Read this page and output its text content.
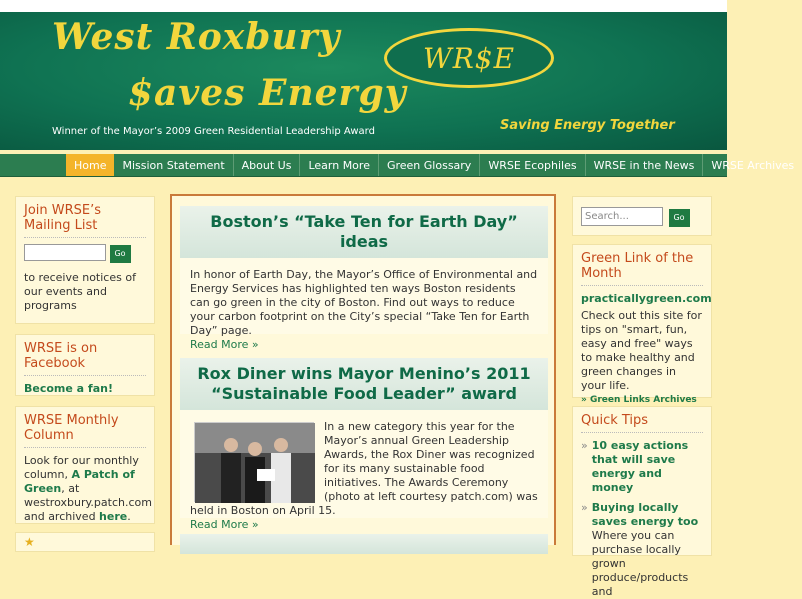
West Roxbury
$aves Energy
WR$E
Winner of the Mayor’s 2009 Green Residential Leadership Award	Saving Energy Together
Home	Mission Statement	About Us	Learn More	Green Glossary	WRSE Ecophiles	WRSE in the News	WRSE Archives
Join WRSE’s Mailing List
Go

to receive notices of our events and programs

WRSE is on Facebook
Become a fan!
WRSE Monthly Column

Look for our monthly column, A Patch of Green, at westroxbury.patch.com and archived here.

★
Boston’s “Take Ten for Earth Day” ideas

In honor of Earth Day, the Mayor’s Office of Environmental and Energy Services has highlighted ten ways Boston residents can go green in the city of Boston. Find out ways to reduce your carbon footprint on the City’s special “Take Ten for Earth Day” page.

Read More »
Rox Diner wins Mayor Menino’s 2011 “Sustainable Food Leader” award

In a new category this year for the Mayor’s annual Green Leadership Awards, the Rox Diner was recognized for its many sustainable food initiatives. The Awards Ceremony (photo at left courtesy patch.com) was held in Boston on April 15.

Read More »
Search...	Go
Green Link of the Month
practicallygreen.com

Check out this site for tips on "smart, fun, easy and free" ways to make healthy and green changes in your life.

» Green Links Archives
Quick Tips
» 10 easy actions that will save energy and money
» Buying locally saves energy too

Where you can purchase locally grown produce/products and
